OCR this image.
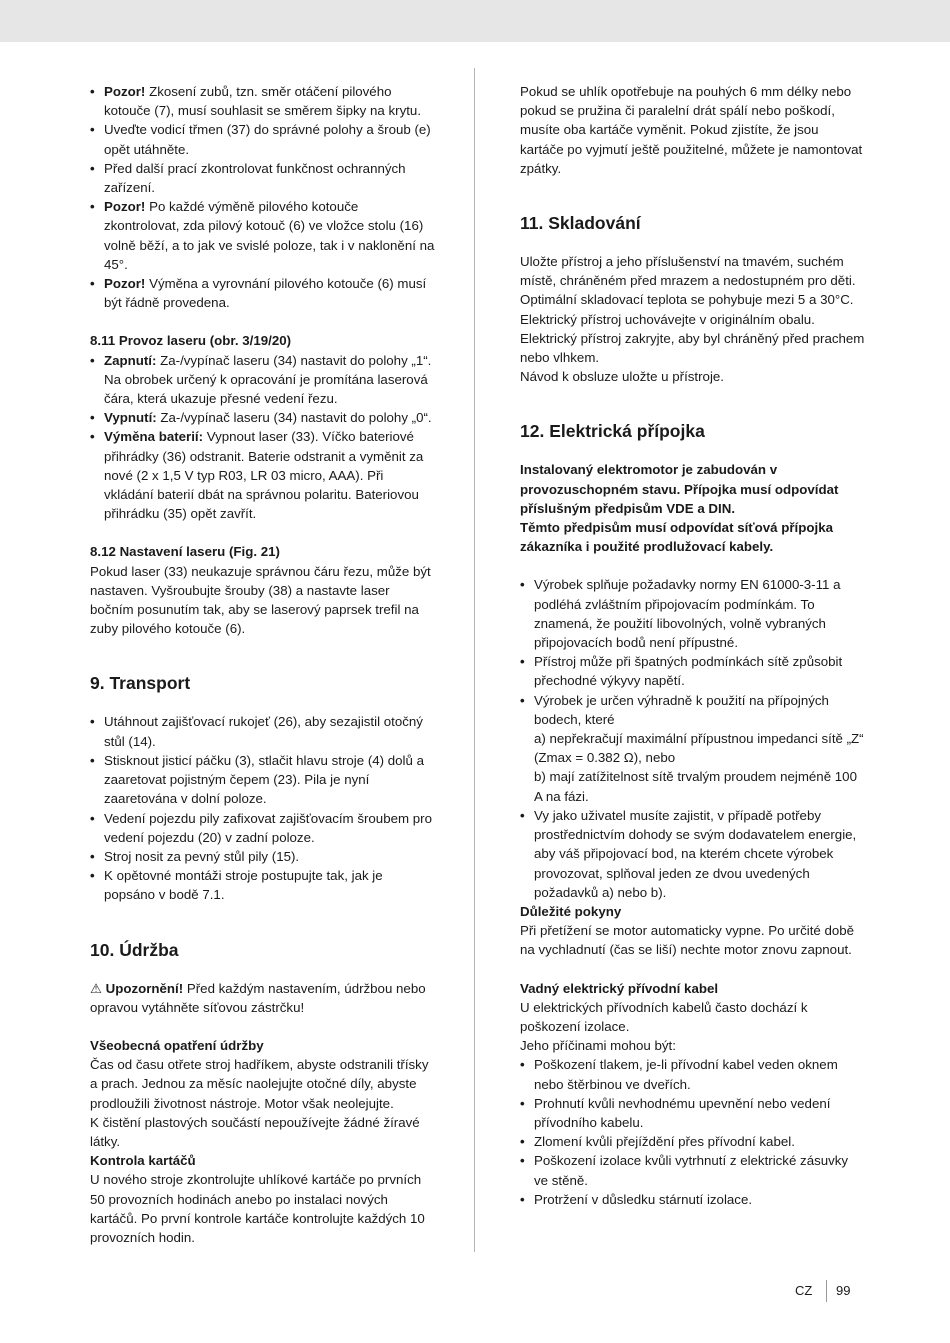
• Pozor! Zkosení zubů, tzn. směr otáčení pilového kotouče (7), musí souhlasit se směrem šipky na krytu.
• Uveďte vodicí třmen (37) do správné polohy a šroub (e) opět utáhněte.
• Před další prací zkontrolovat funkčnost ochranných zařízení.
• Pozor! Po každé výměně pilového kotouče zkontrolovat, zda pilový kotouč (6) ve vložce stolu (16) volně běží, a to jak ve svislé poloze, tak i v naklonění na 45°.
• Pozor! Výměna a vyrovnání pilového kotouče (6) musí být řádně provedena.

8.11 Provoz laseru (obr. 3/19/20)

• Zapnutí: Za-/vypínač laseru (34) nastavit do polohy „1“. Na obrobek určený k opracování je promítána laserová čára, která ukazuje přesné vedení řezu.
• Vypnutí: Za-/vypínač laseru (34) nastavit do polohy „0“.
• Výměna baterií: Vypnout laser (33). Víčko bateriové přihrádky (36) odstranit. Baterie odstranit a vyměnit za nové (2 x 1,5 V typ R03, LR 03 micro, AAA). Při vkládání baterií dbát na správnou polaritu. Bateriovou přihrádku (35) opět zavřít.

8.12 Nastavení laseru (Fig. 21)

Pokud laser (33) neukazuje správnou čáru řezu, může být nastaven. Vyšroubujte šrouby (38) a nastavte laser bočním posunutím tak, aby se laserový paprsek trefil na zuby pilového kotouče (6).

9. Transport
• Utáhnout zajišťovací rukojeť (26), aby sezajistil otočný stůl (14).
• Stisknout jisticí páčku (3), stlačit hlavu stroje (4) dolů a zaaretovat pojistným čepem (23). Pila je nyní zaaretována v dolní poloze.
• Vedení pojezdu pily zafixovat zajišťovacím šroubem pro vedení pojezdu (20) v zadní poloze.
• Stroj nosit za pevný stůl pily (15).
• K opětovné montáži stroje postupujte tak, jak je popsáno v bodě 7.1.
10. Údržba

⚠ Upozornění! Před každým nastavením, údržbou nebo opravou vytáhněte síťovou zástrčku!

Všeobecná opatření údržby

Čas od času otřete stroj hadříkem, abyste odstranili třísky a prach. Jednou za měsíc naolejujte otočné díly, abyste prodloužili životnost nástroje. Motor však neolejujte.

K čistění plastových součástí nepoužívejte žádné žíravé látky.

Kontrola kartáčů

U nového stroje zkontrolujte uhlíkové kartáče po prvních 50 provozních hodinách anebo po instalaci nových kartáčů. Po první kontrole kartáče kontrolujte každých 10 provozních hodin.

Pokud se uhlík opotřebuje na pouhých 6 mm délky nebo pokud se pružina či paralelní drát spálí nebo poškodí, musíte oba kartáče vyměnit. Pokud zjistíte, že jsou kartáče po vyjmutí ještě použitelné, můžete je namontovat zpátky.

11. Skladování

Uložte přístroj a jeho příslušenství na tmavém, suchém místě, chráněném před mrazem a nedostupném pro děti. Optimální skladovací teplota se pohybuje mezi 5 a 30°C. Elektrický přístroj uchovávejte v originálním obalu. Elektrický přístroj zakryjte, aby byl chráněný před prachem nebo vlhkem.

Návod k obsluze uložte u přístroje.

12. Elektrická přípojka

Instalovaný elektromotor je zabudován v provozuschopném stavu. Přípojka musí odpovídat příslušným předpisům VDE a DIN.

Těmto předpisům musí odpovídat síťová přípojka zákazníka i použité prodlužovací kabely.

• Výrobek splňuje požadavky normy EN 61000-3-11 a podléhá zvláštním připojovacím podmínkám. To znamená, že použití libovolných, volně vybraných připojovacích bodů není přípustné.
• Přístroj může při špatných podmínkách sítě způsobit přechodné výkyvy napětí.

• Výrobek je určen výhradně k použití na přípojných bodech, které

a) nepřekračují maximální přípustnou impedanci sítě „Z“ (Zmax = 0.382 Ω), nebo

b) mají zatížitelnost sítě trvalým proudem nejméně 100 A na fázi.

• Vy jako uživatel musíte zajistit, v případě potřeby prostřednictvím dohody se svým dodavatelem energie, aby váš připojovací bod, na kterém chcete výrobek provozovat, splňoval jeden ze dvou uvedených požadavků a) nebo b).

Důležité pokyny

Při přetížení se motor automaticky vypne. Po určité době na vychladnutí (čas se liší) nechte motor znovu zapnout.

Vadný elektrický přívodní kabel

U elektrických přívodních kabelů často dochází k poškození izolace.

Jeho příčinami mohou být:

• Poškození tlakem, je-li přívodní kabel veden oknem nebo štěrbinou ve dveřích.
• Prohnutí kvůli nevhodnému upevnění nebo vedení přívodního kabelu.
• Zlomení kvůli přejíždění přes přívodní kabel.
• Poškození izolace kvůli vytrhnutí z elektrické zásuvky ve stěně.
• Protržení v důsledku stárnutí izolace.
CZ 99
